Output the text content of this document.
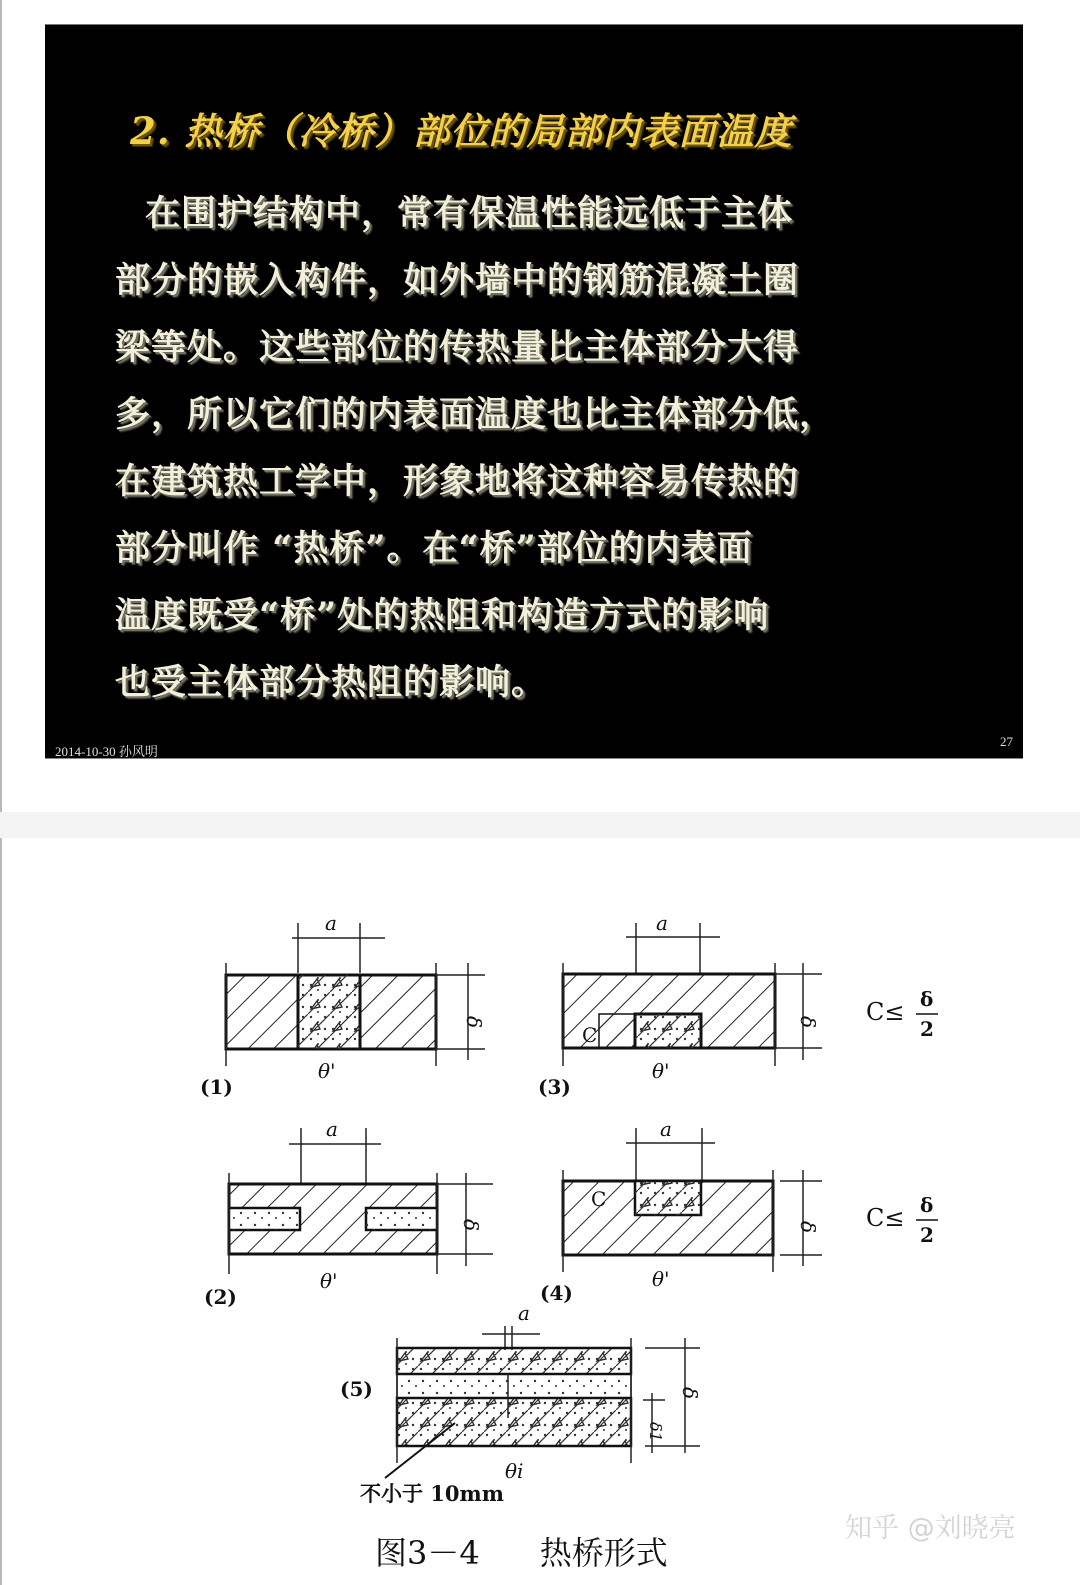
2. 热桥（冷桥）部位的局部内表面温度
在围护结构中，常有保温性能远低于主体
部分的嵌入构件，如外墙中的钢筋混凝土圈
梁等处。这些部位的传热量比主体部分大得
多，所以它们的内表面温度也比主体部分低，
在建筑热工学中，形象地将这种容易传热的
部分叫作 “热桥”。在“桥”部位的内表面
温度既受“桥”处的热阻和构造方式的影响
也受主体部分热阻的影响。
2014-10-30 孙风明
27
a
δ
θ'
(1)
a
δ
C
θ'
(3)
C≤ δ
2
a
δ
θ'
(2)
a
δ
C
θ'
(4)
C≤ δ
2
a
δ
δ1
θi
(5)
不小于 10mm
图3－4 热桥形式
知乎 @刘晓亮
